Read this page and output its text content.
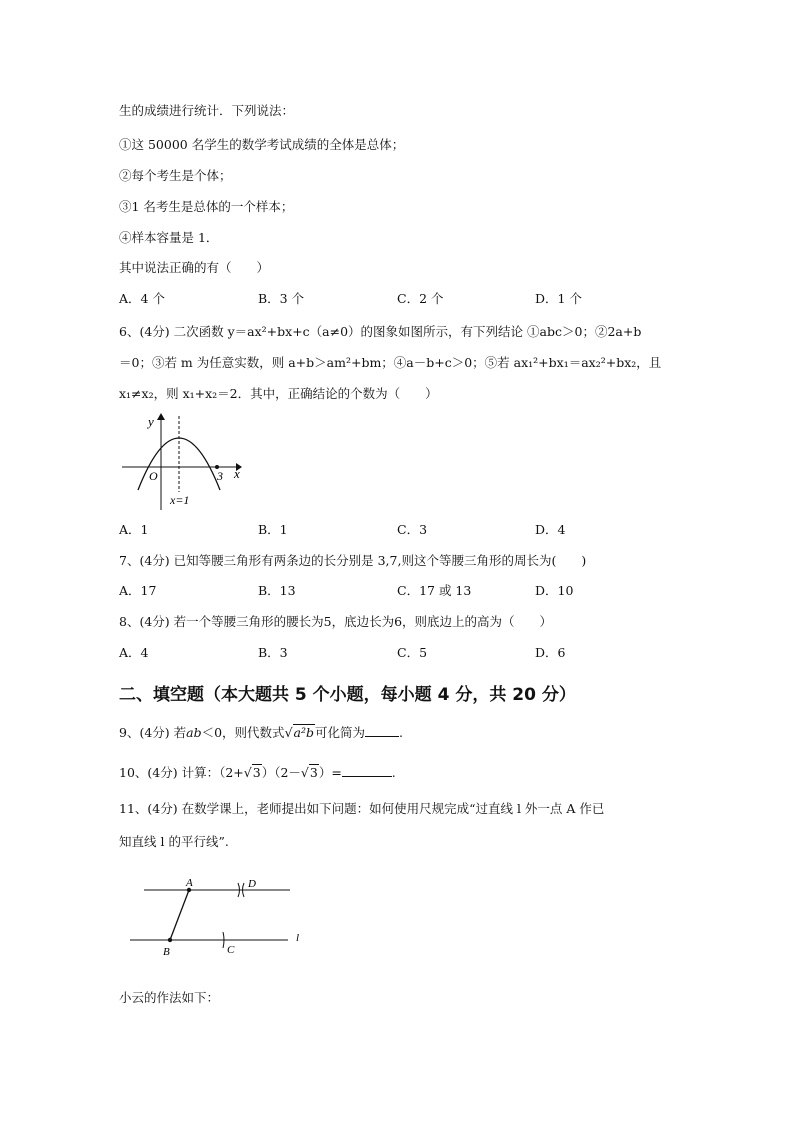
生的成绩进行统计．下列说法：
①这 50000 名学生的数学考试成绩的全体是总体；
②每个考生是个体；
③1 名考生是总体的一个样本；
④样本容量是 1．
其中说法正确的有（　　）
A．4 个	B．3 个	C．2 个	D．1 个
6、(4分) 二次函数 y＝ax²+bx+c（a≠0）的图象如图所示，有下列结论 ①abc＞0；②2a+b
＝0；③若 m 为任意实数，则 a+b＞am²+bm；④a－b+c＞0；⑤若 ax₁²+bx₁＝ax₂²+bx₂，且
x₁≠x₂，则 x₁+x₂＝2．其中，正确结论的个数为（　　）
y
x
O	3
x=1
A．1	B．1	C．3	D．4
7、(4分) 已知等腰三角形有两条边的长分别是 3,7,则这个等腰三角形的周长为(　　)
A．17	B．13	C．17 或 13	D．10
8、(4分) 若一个等腰三角形的腰长为5，底边长为6，则底边上的高为（　　）
A．4	B．3	C．5	D．6
二、填空题（本大题共 5 个小题，每小题 4 分，共 20 分）
9、(4分) 若ab＜0，则代数式√a²b可化简为	.
10、(4分) 计算：（2+√3）（2－√3）=	.
11、(4分) 在数学课上，老师提出如下问题：如何使用尺规完成“过直线 l 外一点 A 作已
知直线 l 的平行线”.
A	D
B	C
l
小云的作法如下：
